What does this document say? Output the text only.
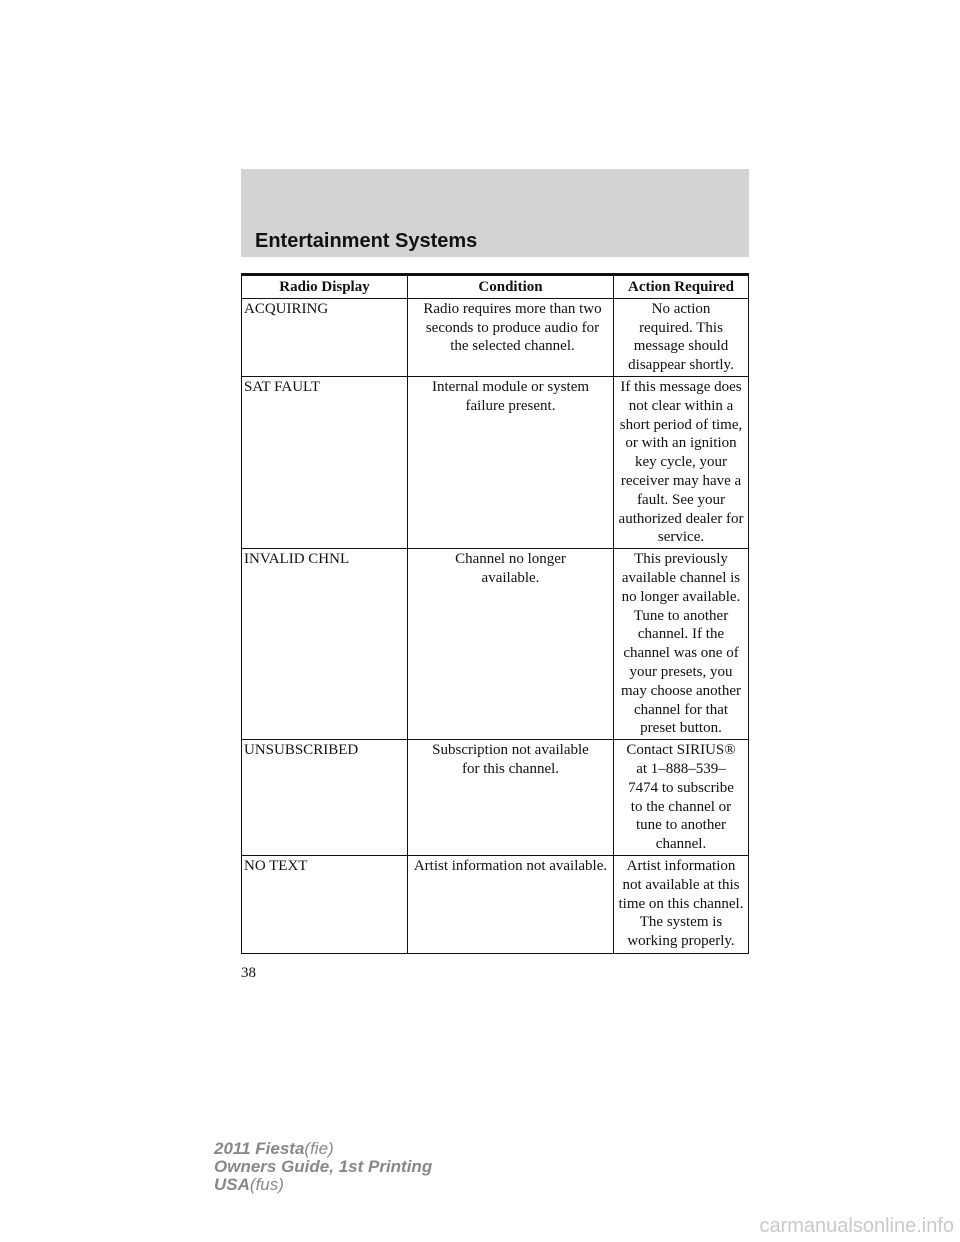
Entertainment Systems
Radio Display	Condition	Action Required
ACQUIRING	Radio requires more than two seconds to produce audio for the selected channel.	No action required. This message should disappear shortly.
SAT FAULT	Internal module or system failure present.	If this message does not clear within a short period of time, or with an ignition key cycle, your receiver may have a fault. See your authorized dealer for service.
INVALID CHNL	Channel no longer available.	This previously available channel is no longer available. Tune to another channel. If the channel was one of your presets, you may choose another channel for that preset button.
UNSUBSCRIBED	Subscription not available for this channel.	Contact SIRIUS® at 1–888–539–7474 to subscribe to the channel or tune to another channel.
NO TEXT	Artist information not available.	Artist information not available at this time on this channel. The system is working properly.
38
2011 Fiesta(fie)
Owners Guide, 1st Printing
USA(fus)
carmanualsonline.info
